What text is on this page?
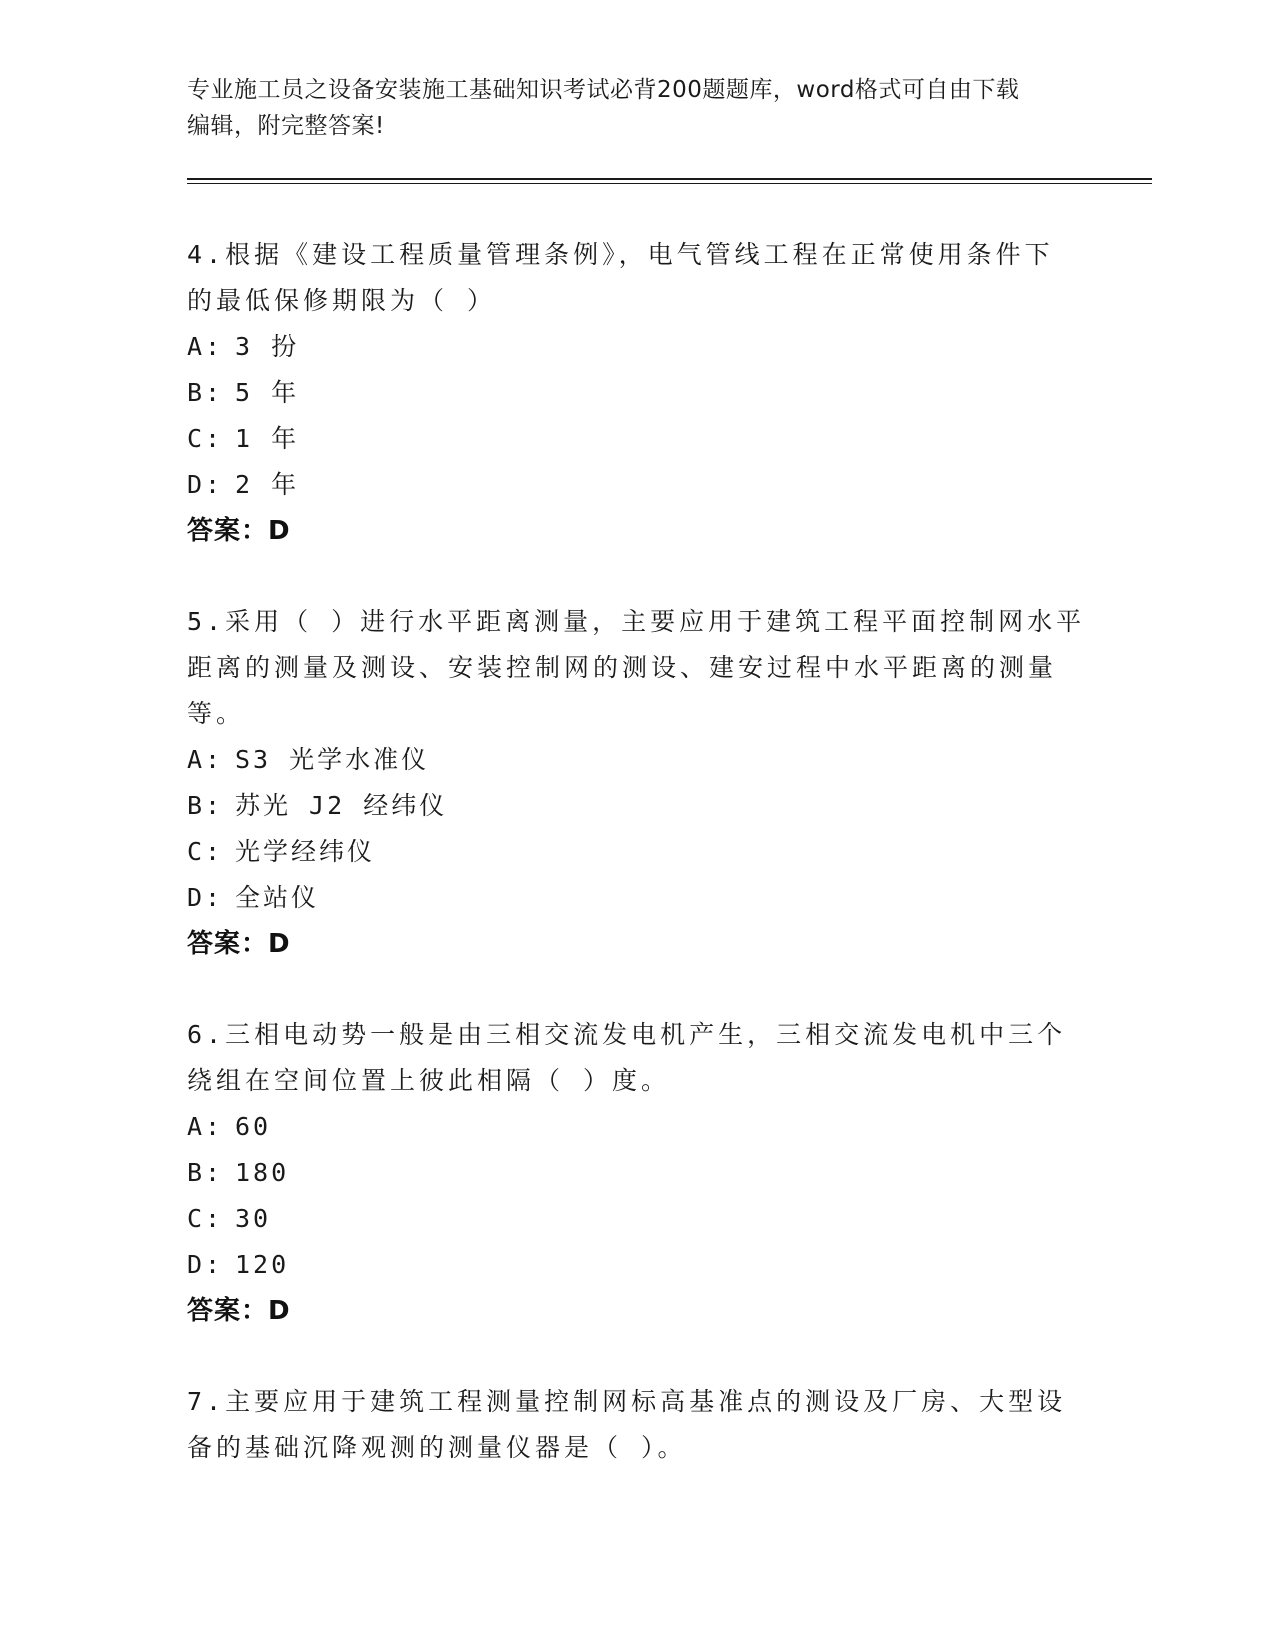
专业施工员之设备安装施工基础知识考试必背200题题库，word格式可自由下载
编辑，附完整答案!
4.根据《建设工程质量管理条例》，电气管线工程在正常使用条件下
的最低保修期限为（ ）
A: 3 扮
B: 5 年
C: 1 年
D: 2 年
答案：D
5.采用（ ）进行水平距离测量，主要应用于建筑工程平面控制网水平
距离的测量及测设、安装控制网的测设、建安过程中水平距离的测量
等。
A: S3 光学水准仪
B: 苏光 J2 经纬仪
C: 光学经纬仪
D: 全站仪
答案：D
6.三相电动势一般是由三相交流发电机产生，三相交流发电机中三个
绕组在空间位置上彼此相隔（ ）度。
A: 60
B: 180
C: 30
D: 120
答案：D
7.主要应用于建筑工程测量控制网标高基准点的测设及厂房、大型设
备的基础沉降观测的测量仪器是（ ）。
